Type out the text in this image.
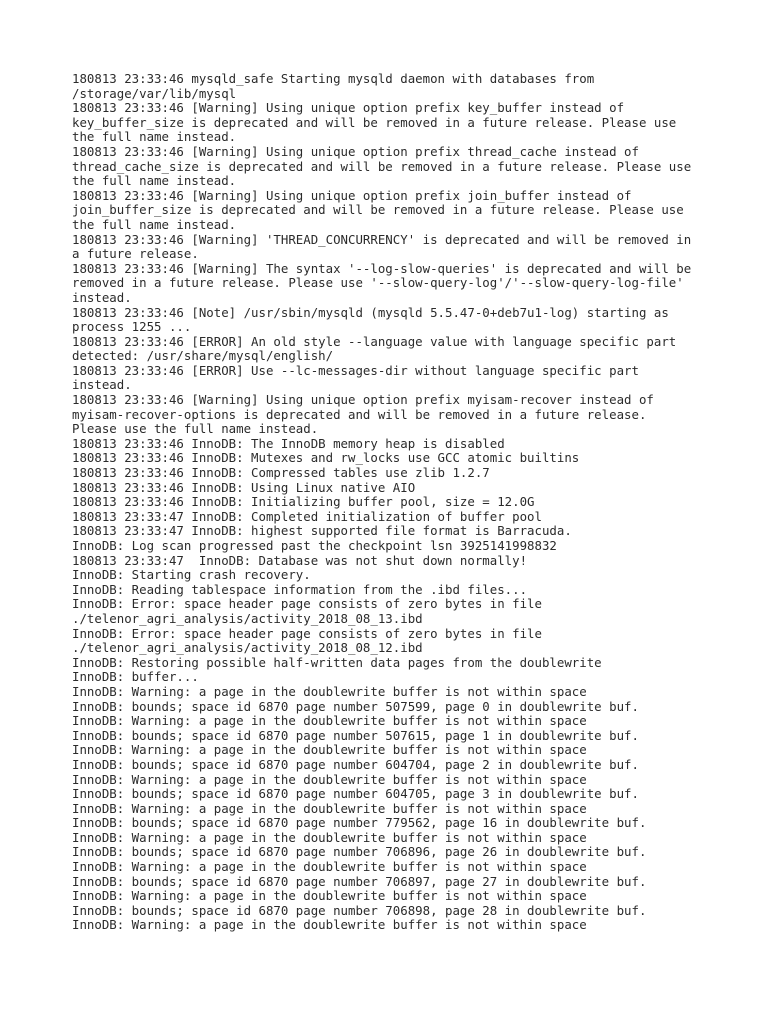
180813 23:33:46 mysqld_safe Starting mysqld daemon with databases from
/storage/var/lib/mysql
180813 23:33:46 [Warning] Using unique option prefix key_buffer instead of
key_buffer_size is deprecated and will be removed in a future release. Please use
the full name instead.
180813 23:33:46 [Warning] Using unique option prefix thread_cache instead of
thread_cache_size is deprecated and will be removed in a future release. Please use
the full name instead.
180813 23:33:46 [Warning] Using unique option prefix join_buffer instead of
join_buffer_size is deprecated and will be removed in a future release. Please use
the full name instead.
180813 23:33:46 [Warning] 'THREAD_CONCURRENCY' is deprecated and will be removed in
a future release.
180813 23:33:46 [Warning] The syntax '--log-slow-queries' is deprecated and will be
removed in a future release. Please use '--slow-query-log'/'--slow-query-log-file'
instead.
180813 23:33:46 [Note] /usr/sbin/mysqld (mysqld 5.5.47-0+deb7u1-log) starting as
process 1255 ...
180813 23:33:46 [ERROR] An old style --language value with language specific part
detected: /usr/share/mysql/english/
180813 23:33:46 [ERROR] Use --lc-messages-dir without language specific part
instead.
180813 23:33:46 [Warning] Using unique option prefix myisam-recover instead of
myisam-recover-options is deprecated and will be removed in a future release.
Please use the full name instead.
180813 23:33:46 InnoDB: The InnoDB memory heap is disabled
180813 23:33:46 InnoDB: Mutexes and rw_locks use GCC atomic builtins
180813 23:33:46 InnoDB: Compressed tables use zlib 1.2.7
180813 23:33:46 InnoDB: Using Linux native AIO
180813 23:33:46 InnoDB: Initializing buffer pool, size = 12.0G
180813 23:33:47 InnoDB: Completed initialization of buffer pool
180813 23:33:47 InnoDB: highest supported file format is Barracuda.
InnoDB: Log scan progressed past the checkpoint lsn 3925141998832
180813 23:33:47  InnoDB: Database was not shut down normally!
InnoDB: Starting crash recovery.
InnoDB: Reading tablespace information from the .ibd files...
InnoDB: Error: space header page consists of zero bytes in file
./telenor_agri_analysis/activity_2018_08_13.ibd
InnoDB: Error: space header page consists of zero bytes in file
./telenor_agri_analysis/activity_2018_08_12.ibd
InnoDB: Restoring possible half-written data pages from the doublewrite
InnoDB: buffer...
InnoDB: Warning: a page in the doublewrite buffer is not within space
InnoDB: bounds; space id 6870 page number 507599, page 0 in doublewrite buf.
InnoDB: Warning: a page in the doublewrite buffer is not within space
InnoDB: bounds; space id 6870 page number 507615, page 1 in doublewrite buf.
InnoDB: Warning: a page in the doublewrite buffer is not within space
InnoDB: bounds; space id 6870 page number 604704, page 2 in doublewrite buf.
InnoDB: Warning: a page in the doublewrite buffer is not within space
InnoDB: bounds; space id 6870 page number 604705, page 3 in doublewrite buf.
InnoDB: Warning: a page in the doublewrite buffer is not within space
InnoDB: bounds; space id 6870 page number 779562, page 16 in doublewrite buf.
InnoDB: Warning: a page in the doublewrite buffer is not within space
InnoDB: bounds; space id 6870 page number 706896, page 26 in doublewrite buf.
InnoDB: Warning: a page in the doublewrite buffer is not within space
InnoDB: bounds; space id 6870 page number 706897, page 27 in doublewrite buf.
InnoDB: Warning: a page in the doublewrite buffer is not within space
InnoDB: bounds; space id 6870 page number 706898, page 28 in doublewrite buf.
InnoDB: Warning: a page in the doublewrite buffer is not within space
